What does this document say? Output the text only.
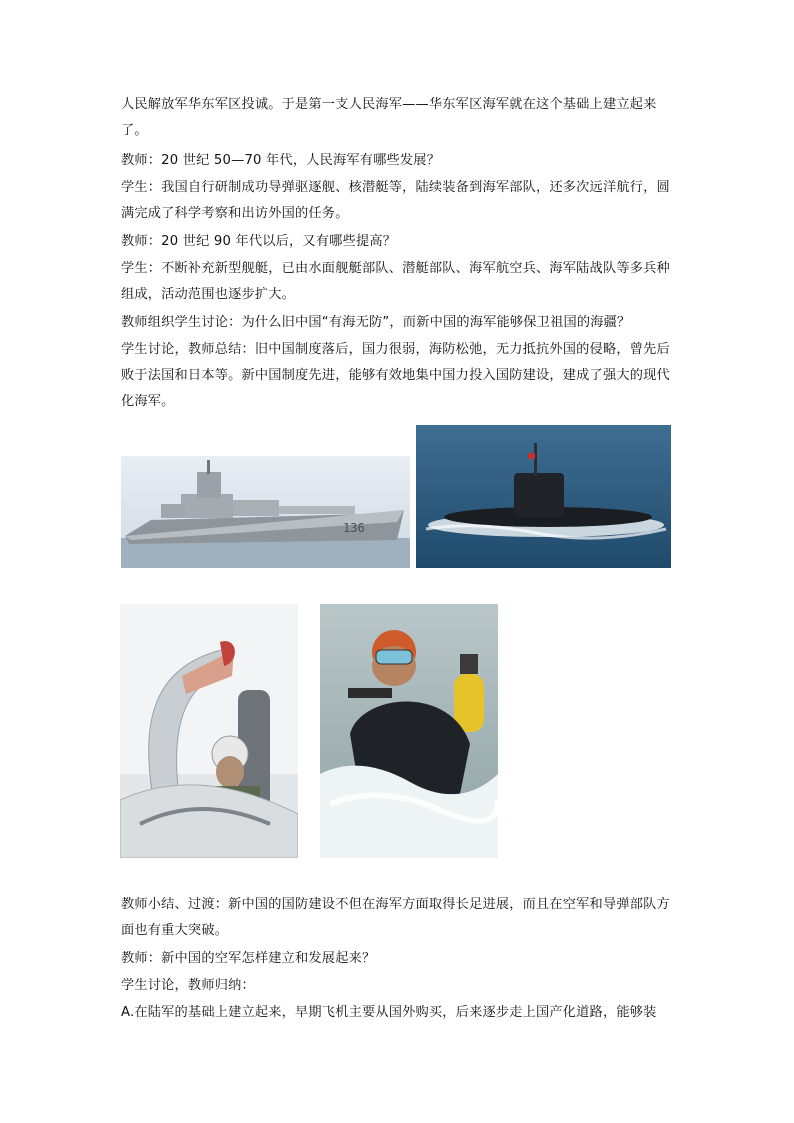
人民解放军华东军区投诚。于是第一支人民海军——华东军区海军就在这个基础上建立起来了。

教师：20 世纪 50—70 年代，人民海军有哪些发展？

学生：我国自行研制成功导弹驱逐舰、核潜艇等，陆续装备到海军部队，还多次远洋航行，圆满完成了科学考察和出访外国的任务。

教师：20 世纪 90 年代以后，又有哪些提高？

学生：不断补充新型舰艇，已由水面舰艇部队、潜艇部队、海军航空兵、海军陆战队等多兵种组成，活动范围也逐步扩大。

教师组织学生讨论：为什么旧中国“有海无防”，而新中国的海军能够保卫祖国的海疆？

学生讨论，教师总结：旧中国制度落后，国力很弱，海防松弛，无力抵抗外国的侵略，曾先后败于法国和日本等。新中国制度先进，能够有效地集中国力投入国防建设，建成了强大的现代化海军。

136

教师小结、过渡：新中国的国防建设不但在海军方面取得长足进展，而且在空军和导弹部队方面也有重大突破。

教师：新中国的空军怎样建立和发展起来？

学生讨论，教师归纳：

A.在陆军的基础上建立起来，早期飞机主要从国外购买，后来逐步走上国产化道路，能够装
